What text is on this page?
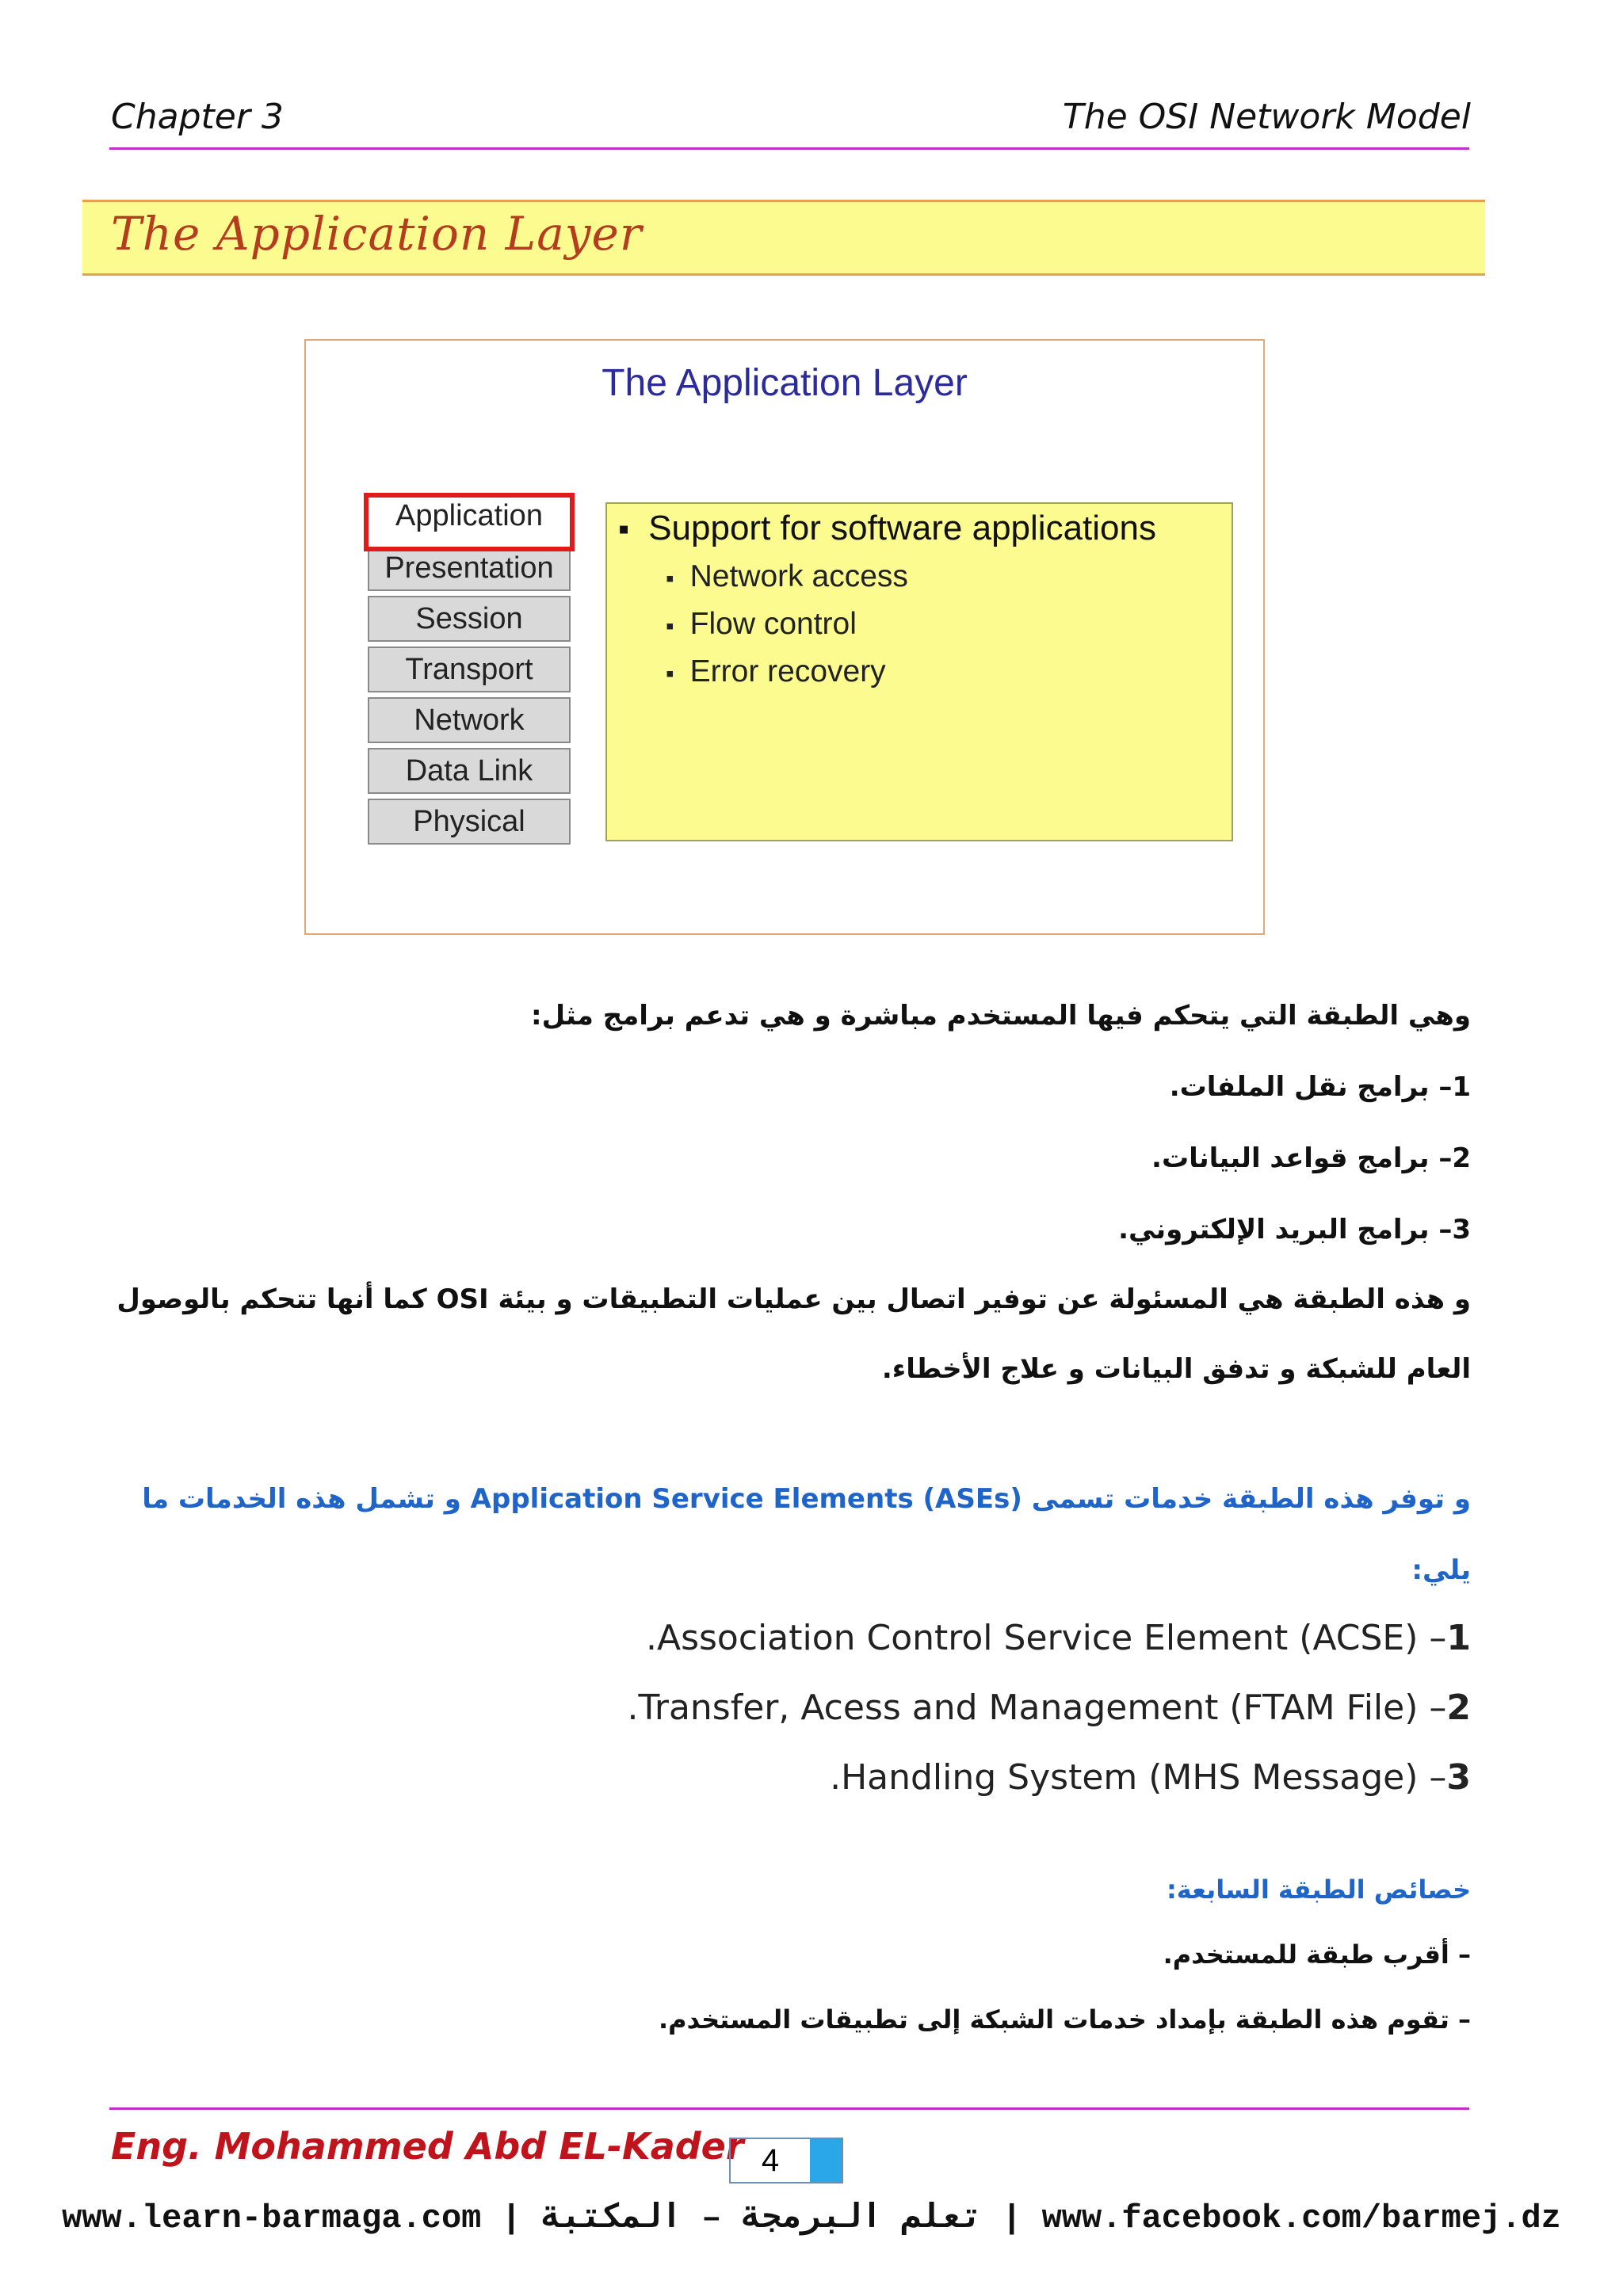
Chapter 3	The OSI Network Model
The Application Layer
The Application Layer
Application
Presentation
Session
Transport
Network
Data Link
Physical
▪ Support for software applications
▪ Network access
▪ Flow control
▪ Error recovery
وهي الطبقة التي يتحكم فيها المستخدم مباشرة و هي تدعم برامج مثل:
1– برامج نقل الملفات.
2– برامج قواعد البيانات.
3– برامج البريد الإلكتروني.
و هذه الطبقة هي المسئولة عن توفير اتصال بين عمليات التطبيقات و بيئة OSI كما أنها تتحكم بالوصول
العام للشبكة و تدفق البيانات و علاج الأخطاء.
و توفر هذه الطبقة خدمات تسمى Application Service Elements (ASEs) و تشمل هذه الخدمات ما
يلي:
.Association Control Service Element (ACSE) –1
.Transfer, Acess and Management (FTAM File) –2
.Handling System (MHS Message) –3
خصائص الطبقة السابعة:
– أقرب طبقة للمستخدم.
– تقوم هذه الطبقة بإمداد خدمات الشبكة إلى تطبيقات المستخدم.
Eng. Mohammed Abd EL-Kader 4
www.learn-barmaga.com | تعلم البرمجة – المكتبة | www.facebook.com/barmej.dz
